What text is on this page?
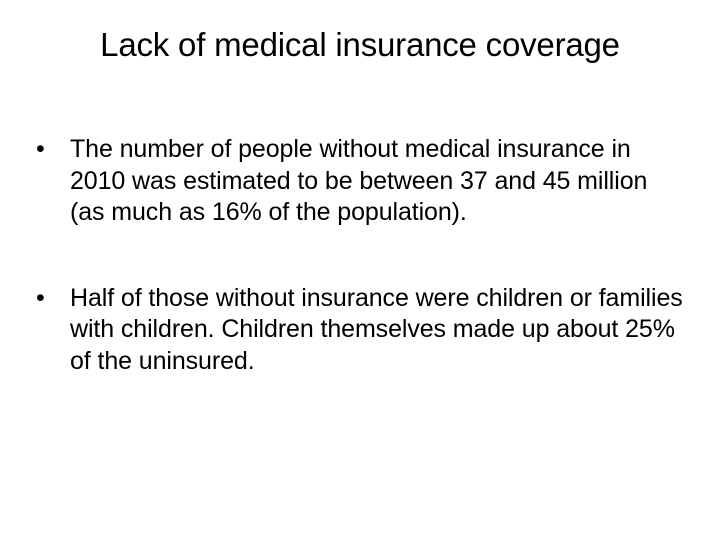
Lack of medical insurance coverage
•	The number of people without medical insurance in 2010 was estimated to be between 37 and 45 million (as much as 16% of the population).
•	Half of those without insurance were children or families with children. Children themselves made up about 25% of the uninsured.
